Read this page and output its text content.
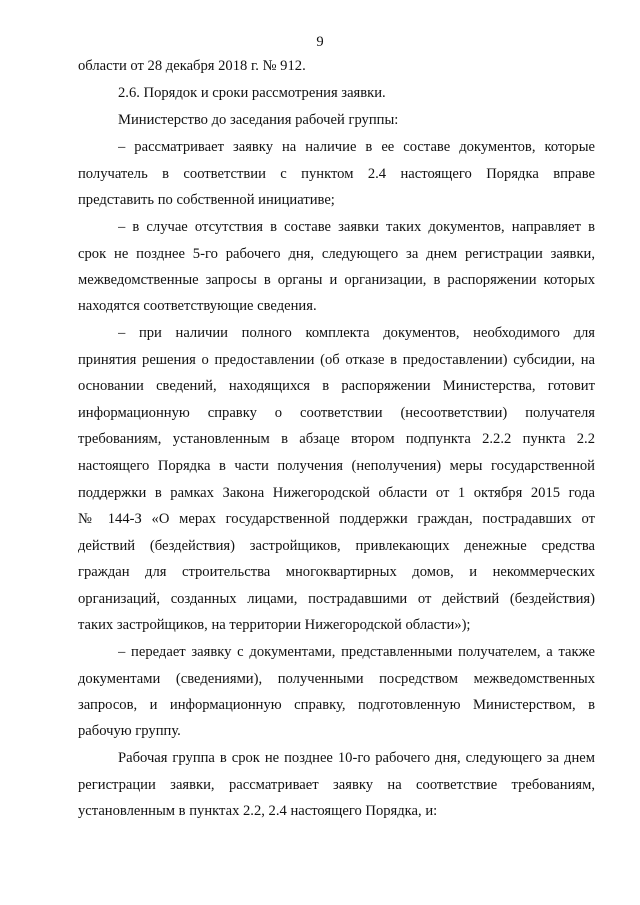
9
области от 28 декабря 2018 г. № 912.
2.6. Порядок и сроки рассмотрения заявки.
Министерство до заседания рабочей группы:
– рассматривает заявку на наличие в ее составе документов, которые
получатель в соответствии с пунктом 2.4 настоящего Порядка вправе
представить по собственной инициативе;
– в случае отсутствия в составе заявки таких документов, направляет в
срок не позднее 5-го рабочего дня, следующего за днем регистрации заявки,
межведомственные запросы в органы и организации, в распоряжении которых
находятся соответствующие сведения.
– при наличии полного комплекта документов, необходимого для
принятия решения о предоставлении (об отказе в предоставлении) субсидии, на
основании сведений, находящихся в распоряжении Министерства, готовит
информационную справку о соответствии (несоответствии) получателя
требованиям, установленным в абзаце втором подпункта 2.2.2 пункта 2.2
настоящего Порядка в части получения (неполучения) меры государственной
поддержки в рамках Закона Нижегородской области от 1 октября 2015 года
№ 144-З «О мерах государственной поддержки граждан, пострадавших от
действий (бездействия) застройщиков, привлекающих денежные средства
граждан для строительства многоквартирных домов, и некоммерческих
организаций, созданных лицами, пострадавшими от действий (бездействия)
таких застройщиков, на территории Нижегородской области»);
– передает заявку с документами, представленными получателем, а также
документами (сведениями), полученными посредством межведомственных
запросов, и информационную справку, подготовленную Министерством, в
рабочую группу.
Рабочая группа в срок не позднее 10-го рабочего дня, следующего за днем
регистрации заявки, рассматривает заявку на соответствие требованиям,
установленным в пунктах 2.2, 2.4 настоящего Порядка, и:
